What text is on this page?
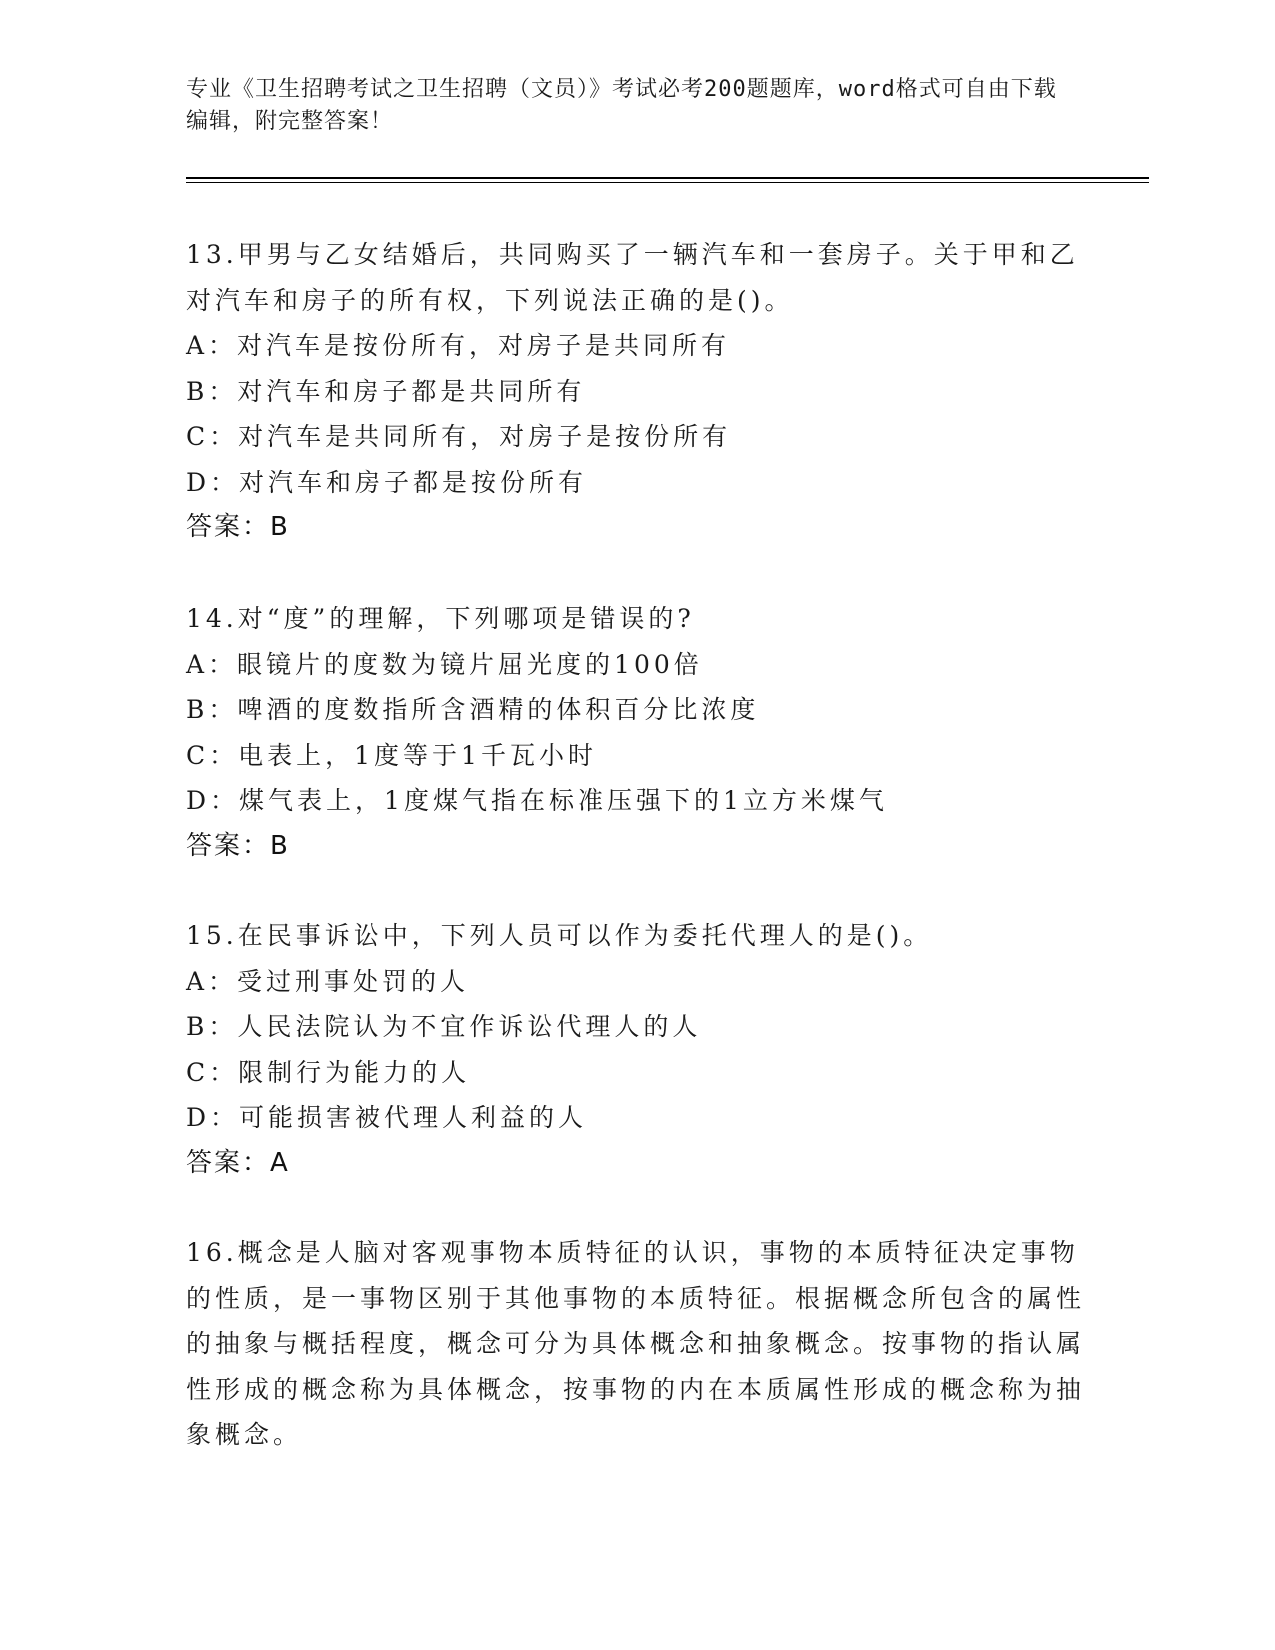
专业《卫生招聘考试之卫生招聘（文员）》考试必考200题题库，word格式可自由下载编辑，附完整答案！

13.甲男与乙女结婚后，共同购买了一辆汽车和一套房子。关于甲和乙对汽车和房子的所有权，下列说法正确的是()。

A：对汽车是按份所有，对房子是共同所有

B：对汽车和房子都是共同所有

C：对汽车是共同所有，对房子是按份所有

D：对汽车和房子都是按份所有

答案：B

14.对“度”的理解，下列哪项是错误的?

A：眼镜片的度数为镜片屈光度的100倍

B：啤酒的度数指所含酒精的体积百分比浓度

C：电表上，1度等于1千瓦小时

D：煤气表上，1度煤气指在标准压强下的1立方米煤气

答案：B

15.在民事诉讼中，下列人员可以作为委托代理人的是()。

A：受过刑事处罚的人

B：人民法院认为不宜作诉讼代理人的人

C：限制行为能力的人

D：可能损害被代理人利益的人

答案：A

16.概念是人脑对客观事物本质特征的认识，事物的本质特征决定事物的性质，是一事物区别于其他事物的本质特征。根据概念所包含的属性的抽象与概括程度，概念可分为具体概念和抽象概念。按事物的指认属性形成的概念称为具体概念，按事物的内在本质属性形成的概念称为抽象概念。
